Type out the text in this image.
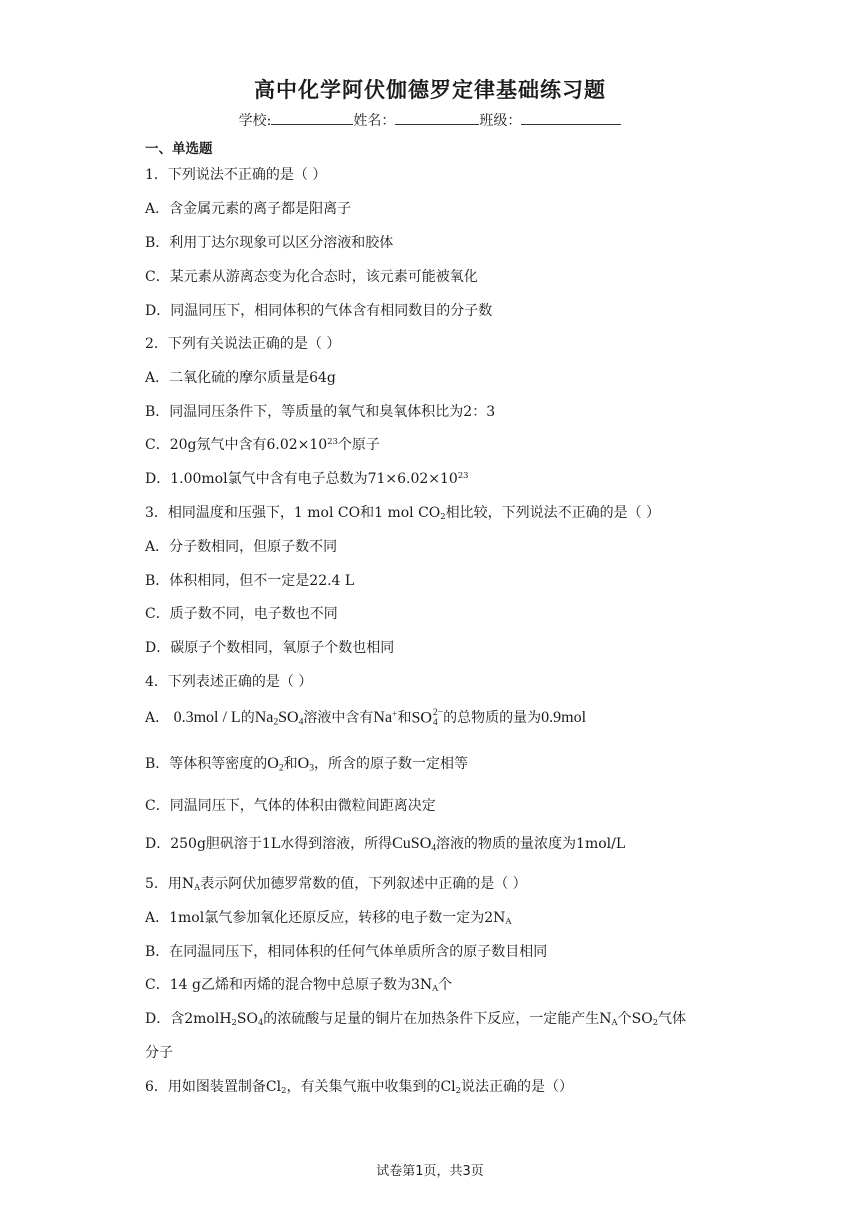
高中化学阿伏伽德罗定律基础练习题
学校:	姓名：	班级：
一、单选题
1．下列说法不正确的是（ ）
A．含金属元素的离子都是阳离子
B．利用丁达尔现象可以区分溶液和胶体
C．某元素从游离态变为化合态时，该元素可能被氧化
D．同温同压下，相同体积的气体含有相同数目的分子数
2．下列有关说法正确的是（ ）
A．二氧化硫的摩尔质量是64g
B．同温同压条件下，等质量的氧气和臭氧体积比为2：3
C．20g氖气中含有$6.02\times 10^{23}$个原子
D．1.00mol氯气中含有电子总数为$71\times 6.02\times 10^{23}$
3．相同温度和压强下，1 mol CO和1 mol $CO_2$相比较，下列说法不正确的是（ ）
A．分子数相同，但原子数不同
B．体积相同，但不一定是22.4 L
C．质子数不同，电子数也不同
D．碳原子个数相同，氧原子个数也相同
4．下列表述正确的是（ ）
A． 0.3mol / L的$Na_2SO_4$溶液中含有Na+和SO 2−
4 的总物质的量为0.9mol
B．等体积等密度的$O_2$和$O_3$，所含的原子数一定相等
C．同温同压下，气体的体积由微粒间距离决定
D．250g胆矾溶于1L水得到溶液，所得CuSO$_4$溶液的物质的量浓度为1mol/L
5．用$N_A$表示阿伏加德罗常数的值，下列叙述中正确的是（ ）
A．1mol氯气参加氧化还原反应，转移的电子数一定为$2N_A$
B．在同温同压下，相同体积的任何气体单质所含的原子数目相同
C．14 g乙烯和丙烯的混合物中总原子数为$3N_A$个
D．含$2molH_2SO_4$的浓硫酸与足量的铜片在加热条件下反应，一定能产生$N_A$个$SO_2$气体
分子
6．用如图装置制备$Cl_2$，有关集气瓶中收集到的$Cl_2$说法正确的是（）
试卷第1页，共3页
